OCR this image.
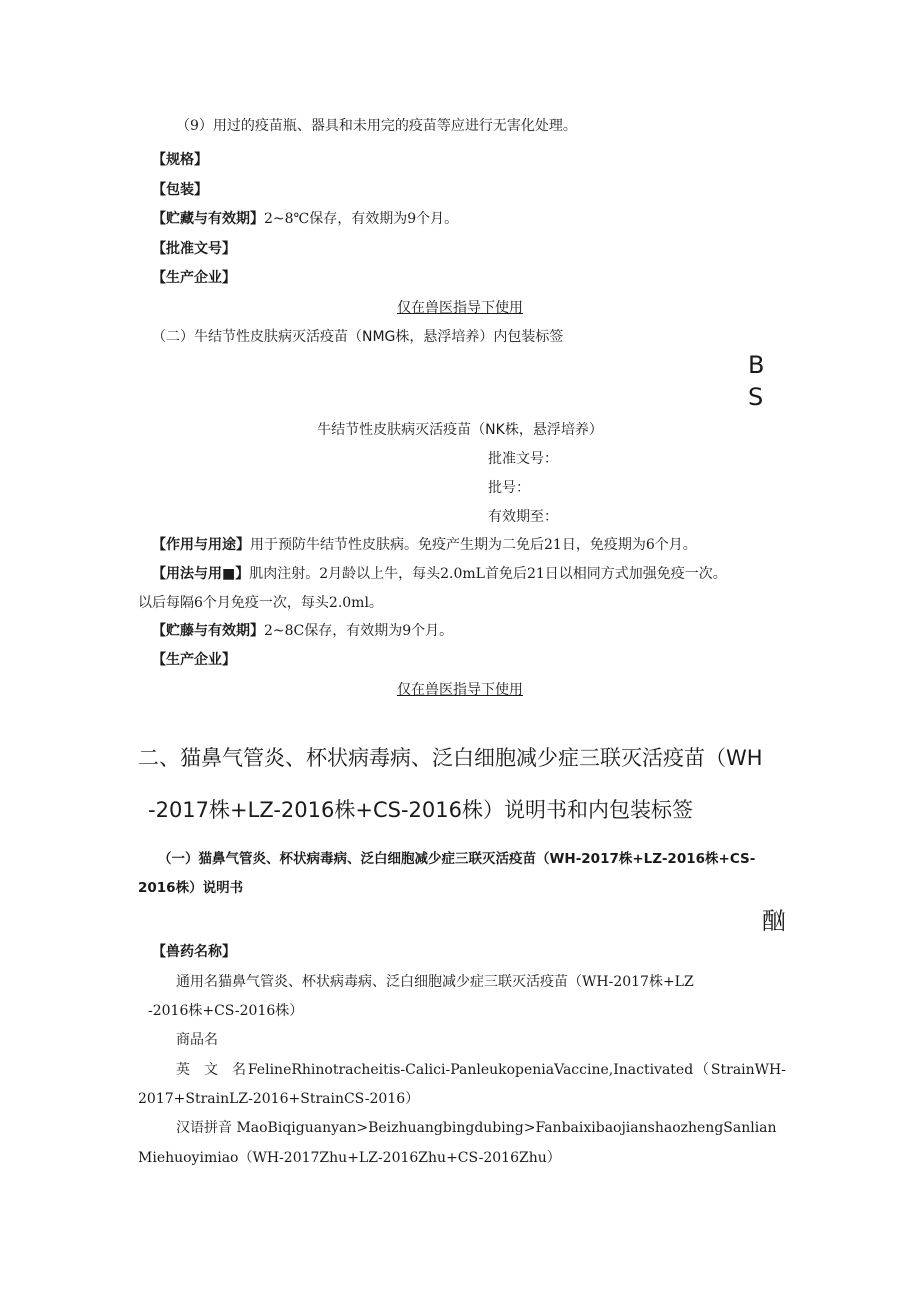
（9）用过的疫苗瓶、器具和未用完的疫苗等应进行无害化处理。
【规格】
【包装】
【贮藏与有效期】2~8℃保存，有效期为9个月。
【批准文号】
【生产企业】
仅在兽医指导下使用
（二）牛结节性皮肤病灭活疫苗（NMG株，悬浮培养）内包装标签
B
S
牛结节性皮肤病灭活疫苗（NK株，悬浮培养）
批准文号：
批号：
有效期至：
【作用与用途】用于预防牛结节性皮肤病。免疫产生期为二免后21日，免疫期为6个月。
【用法与用■】肌肉注射。2月龄以上牛，每头2.0mL首免后21日以相同方式加强免疫一次。
以后每隔6个月免疫一次，每头2.0ml。
【贮藤与有效期】2~8C保存，有效期为9个月。
【生产企业】
仅在兽医指导下使用
二、猫鼻气管炎、杯状病毒病、泛白细胞减少症三联灭活疫苗（WH
-2017株+LZ-2016株+CS-2016株）说明书和内包装标签
（一）猫鼻气管炎、杯状病毒病、泛白细胞减少症三联灭活疫苗（WH-2017株+LZ-2016株+CS-
2016株）说明书
酗
【兽药名称】
通用名猫鼻气管炎、杯状病毒病、泛白细胞减少症三联灭活疫苗（WH-2017株+LZ
-2016株+CS-2016株）
商品名
英　文　名 FelineRhinotracheitis-Calici-PanleukopeniaVaccine,Inactivated （ StrainWH-
2017+StrainLZ-2016+StrainCS-2016）
汉语拼音 MaoBiqiguanyan>Beizhuangbingdubing>FanbaixibaojianshaozhengSanlian
Miehuoyimiao（WH-2017Zhu+LZ-2016Zhu+CS-2016Zhu）
